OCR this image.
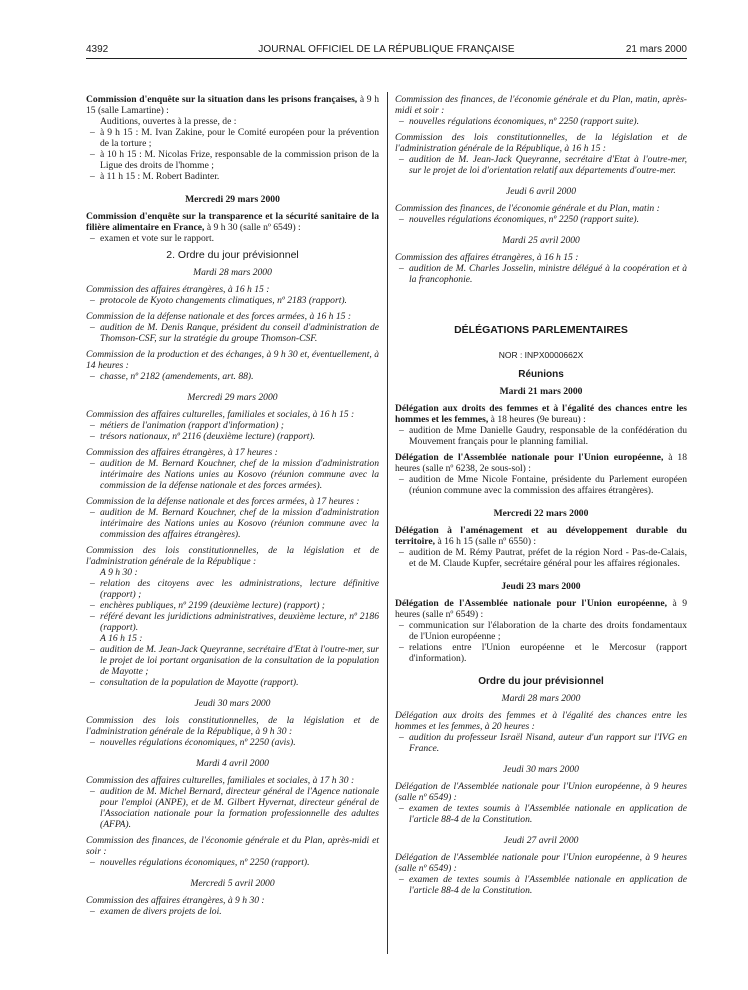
4392	JOURNAL OFFICIEL DE LA RÉPUBLIQUE FRANÇAISE	21 mars 2000

Commission d'enquête sur la situation dans les prisons françaises, à 9 h 15 (salle Lamartine) :

Auditions, ouvertes à la presse, de :

– à 9 h 15 : M. Ivan Zakine, pour le Comité européen pour la prévention de la torture ;
– à 10 h 15 : M. Nicolas Frize, responsable de la commission prison de la Ligue des droits de l'homme ;
– à 11 h 15 : M. Robert Badinter.
Mercredi 29 mars 2000

Commission d'enquête sur la transparence et la sécurité sanitaire de la filière alimentaire en France, à 9 h 30 (salle nº 6549) :

– examen et vote sur le rapport.
2. Ordre du jour prévisionnel
Mardi 28 mars 2000

Commission des affaires étrangères, à 16 h 15 :

– protocole de Kyoto changements climatiques, nº 2183 (rapport).

Commission de la défense nationale et des forces armées, à 16 h 15 :

– audition de M. Denis Ranque, président du conseil d'administration de Thomson-CSF, sur la stratégie du groupe Thomson-CSF.

Commission de la production et des échanges, à 9 h 30 et, éventuellement, à 14 heures :

– chasse, nº 2182 (amendements, art. 88).
Mercredi 29 mars 2000

Commission des affaires culturelles, familiales et sociales, à 16 h 15 :

– métiers de l'animation (rapport d'information) ;
– trésors nationaux, nº 2116 (deuxième lecture) (rapport).

Commission des affaires étrangères, à 17 heures :

– audition de M. Bernard Kouchner, chef de la mission d'administration intérimaire des Nations unies au Kosovo (réunion commune avec la commission de la défense nationale et des forces armées).

Commission de la défense nationale et des forces armées, à 17 heures :

– audition de M. Bernard Kouchner, chef de la mission d'administration intérimaire des Nations unies au Kosovo (réunion commune avec la commission des affaires étrangères).

Commission des lois constitutionnelles, de la législation et de l'administration générale de la République :

A 9 h 30 :

– relation des citoyens avec les administrations, lecture définitive (rapport) ;
– enchères publiques, nº 2199 (deuxième lecture) (rapport) ;
– référé devant les juridictions administratives, deuxième lecture, nº 2186 (rapport).

A 16 h 15 :

– audition de M. Jean-Jack Queyranne, secrétaire d'Etat à l'outre-mer, sur le projet de loi portant organisation de la consultation de la population de Mayotte ;
– consultation de la population de Mayotte (rapport).
Jeudi 30 mars 2000

Commission des lois constitutionnelles, de la législation et de l'administration générale de la République, à 9 h 30 :

– nouvelles régulations économiques, nº 2250 (avis).
Mardi 4 avril 2000

Commission des affaires culturelles, familiales et sociales, à 17 h 30 :

– audition de M. Michel Bernard, directeur général de l'Agence nationale pour l'emploi (ANPE), et de M. Gilbert Hyvernat, directeur général de l'Association nationale pour la formation professionnelle des adultes (AFPA).

Commission des finances, de l'économie générale et du Plan, après-midi et soir :

– nouvelles régulations économiques, nº 2250 (rapport).
Mercredi 5 avril 2000

Commission des affaires étrangères, à 9 h 30 :

– examen de divers projets de loi.

Commission des finances, de l'économie générale et du Plan, matin, après-midi et soir :

– nouvelles régulations économiques, nº 2250 (rapport suite).

Commission des lois constitutionnelles, de la législation et de l'administration générale de la République, à 16 h 15 :

– audition de M. Jean-Jack Queyranne, secrétaire d'Etat à l'outre-mer, sur le projet de loi d'orientation relatif aux départements d'outre-mer.
Jeudi 6 avril 2000

Commission des finances, de l'économie générale et du Plan, matin :

– nouvelles régulations économiques, nº 2250 (rapport suite).
Mardi 25 avril 2000

Commission des affaires étrangères, à 16 h 15 :

– audition de M. Charles Josselin, ministre délégué à la coopération et à la francophonie.
DÉLÉGATIONS PARLEMENTAIRES
NOR : INPX0000662X
Réunions
Mardi 21 mars 2000

Délégation aux droits des femmes et à l'égalité des chances entre les hommes et les femmes, à 18 heures (9e bureau) :

– audition de Mme Danielle Gaudry, responsable de la confédération du Mouvement français pour le planning familial.

Délégation de l'Assemblée nationale pour l'Union européenne, à 18 heures (salle nº 6238, 2e sous-sol) :

– audition de Mme Nicole Fontaine, présidente du Parlement européen (réunion commune avec la commission des affaires étrangères).
Mercredi 22 mars 2000

Délégation à l'aménagement et au développement durable du territoire, à 16 h 15 (salle nº 6550) :

– audition de M. Rémy Pautrat, préfet de la région Nord - Pas-de-Calais, et de M. Claude Kupfer, secrétaire général pour les affaires régionales.
Jeudi 23 mars 2000

Délégation de l'Assemblée nationale pour l'Union européenne, à 9 heures (salle nº 6549) :

– communication sur l'élaboration de la charte des droits fondamentaux de l'Union européenne ;
– relations entre l'Union européenne et le Mercosur (rapport d'information).
Ordre du jour prévisionnel
Mardi 28 mars 2000

Délégation aux droits des femmes et à l'égalité des chances entre les hommes et les femmes, à 20 heures :

– audition du professeur Israël Nisand, auteur d'un rapport sur l'IVG en France.
Jeudi 30 mars 2000

Délégation de l'Assemblée nationale pour l'Union européenne, à 9 heures (salle nº 6549) :

– examen de textes soumis à l'Assemblée nationale en application de l'article 88-4 de la Constitution.
Jeudi 27 avril 2000

Délégation de l'Assemblée nationale pour l'Union européenne, à 9 heures (salle nº 6549) :

– examen de textes soumis à l'Assemblée nationale en application de l'article 88-4 de la Constitution.
